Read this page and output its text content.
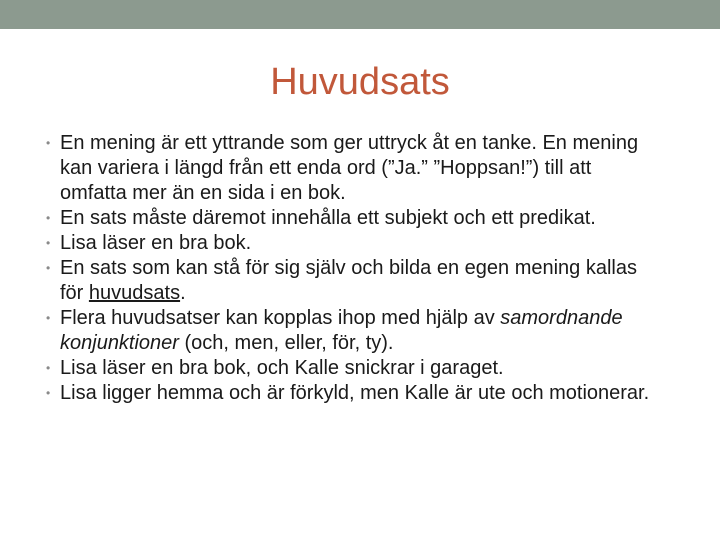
Huvudsats
• En mening är ett yttrande som ger uttryck åt en tanke. En mening kan variera i längd från ett enda ord (”Ja.” ”Hoppsan!”) till att omfatta mer än en sida i en bok.
• En sats måste däremot innehålla ett subjekt och ett predikat.
• Lisa läser en bra bok.
• En sats som kan stå för sig själv och bilda en egen mening kallas för huvudsats.
• Flera huvudsatser kan kopplas ihop med hjälp av samordnande konjunktioner (och, men, eller, för, ty).
• Lisa läser en bra bok, och Kalle snickrar i garaget.
• Lisa ligger hemma och är förkyld, men Kalle är ute och motionerar.
